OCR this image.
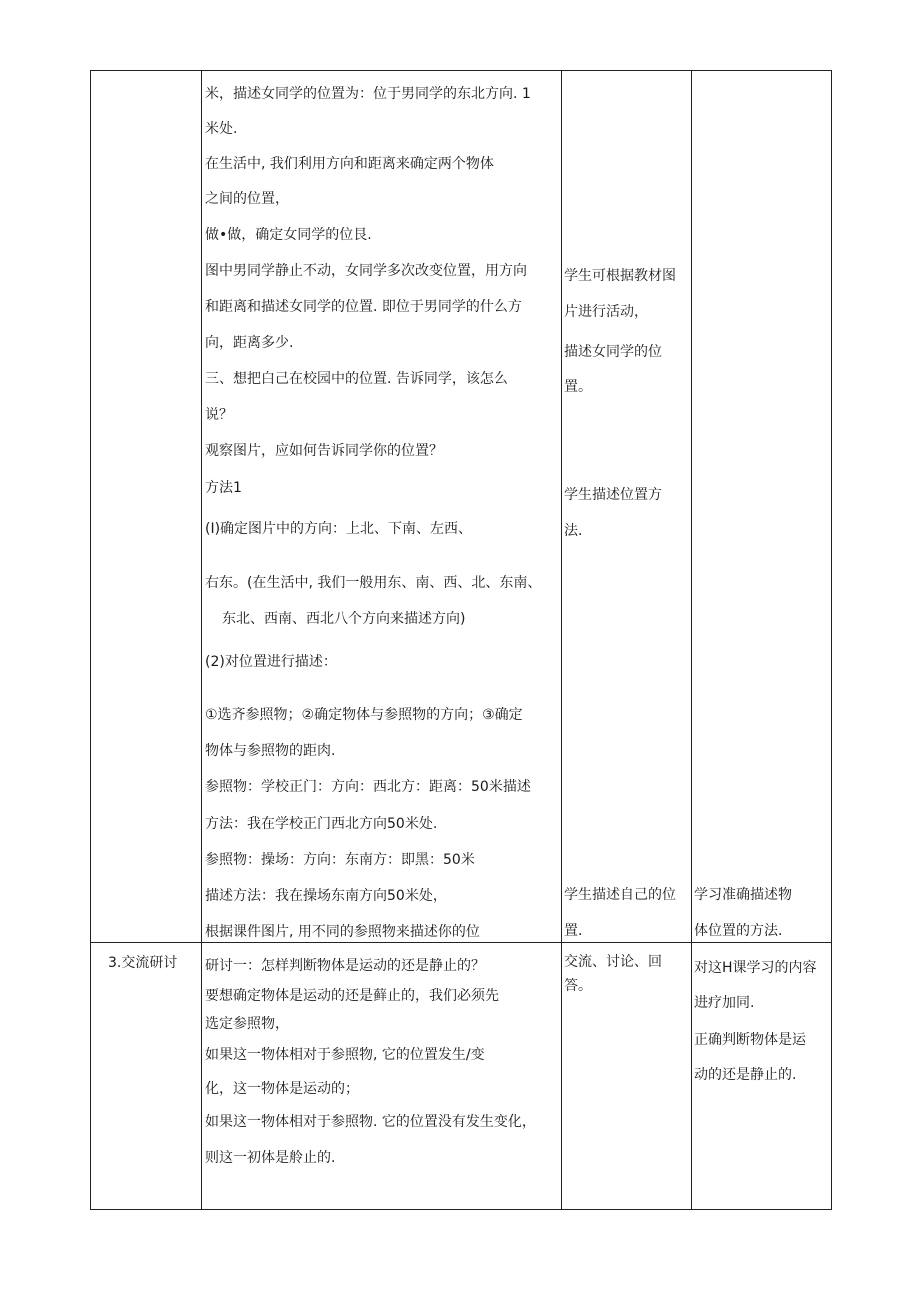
米，描述女同学的位置为：位于男同学的东北方向. 1
米处.
在生活中, 我们利用方向和距离来确定两个物体
之间的位置，
做•做，确定女同学的位艮.
图中男同学静止不动，女同学多次改变位置，用方向
和距离和描述女同学的位置. 即位于男同学的什么方
向，距离多少.
三、想把白己在校园中的位置. 告诉同学，该怎么
说？
观察图片，应如何告诉同学你的位置？
方法1
(I)确定图片中的方向：上北、下南、左西、
右东。(在生活中, 我们一般用东、南、西、北、东南、
东北、西南、西北八个方向来描述方向)
(2)对位置进行描述：
①选齐参照物；②确定物体与参照物的方向；③确定
物体与参照物的距肉.
参照物：学校正门：方向：西北方：距离：50米描述
方法：我在学校正门西北方向50米处.
参照物：操场：方向：东南方：即黑：50米
描述方法：我在操场东南方向50米处，
根据课件图片, 用不同的参照物来描述你的位
学生可根据教材图
片进行活动，
描述女同学的位
置。
学生描述位置方
法.
学生描述自己的位
置.
学习准确描述物
体位置的方法.
3.交流研讨 研讨一：怎样判断物体是运动的还是静止的？
要想确定物体是运动的还是藓止的，我们必须先
选定参照物，
如果这一物体相对于参照物, 它的位置发生/变
化，这一物体是运动的；
如果这一物体相对于参照物. 它的位置没有发生变化，
则这一初体是舲止的.
交流、讨论、回
答。
对这H课学习的内容
进疗加同.
正确判断物体是运
动的还是静止的.
